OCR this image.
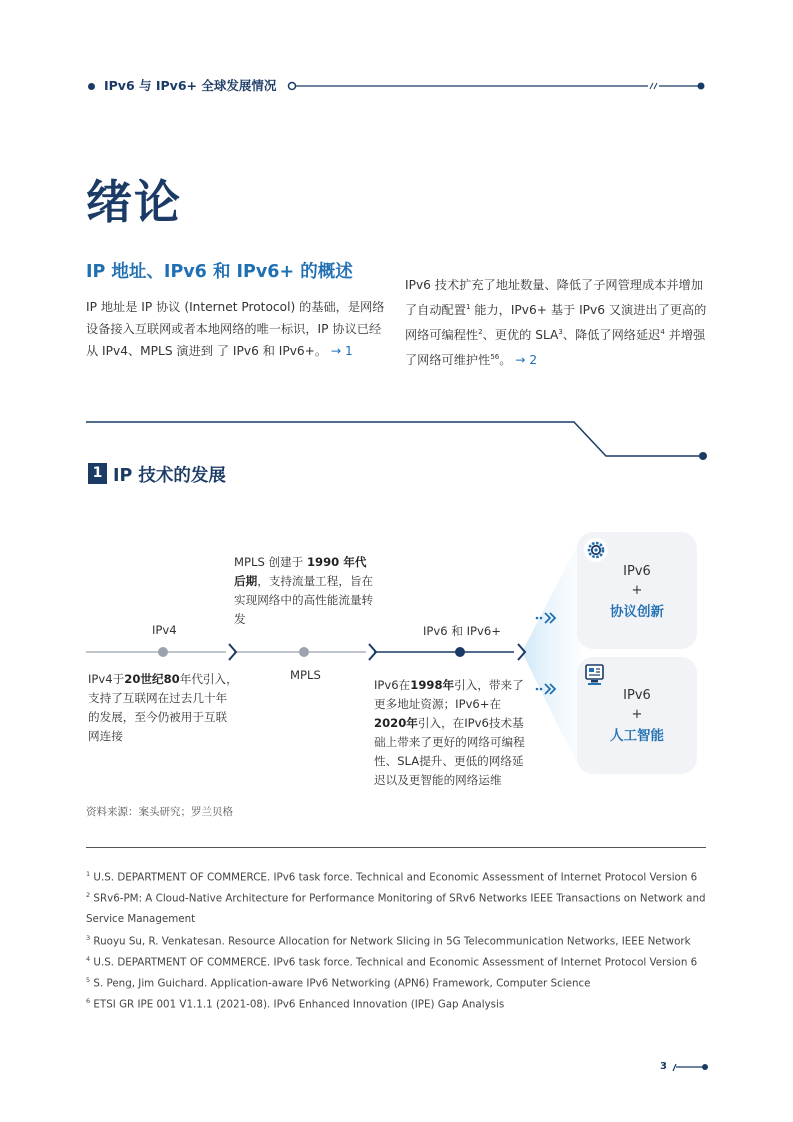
IPv6 与 IPv6+ 全球发展情况
绪论
IP 地址、IPv6 和 IPv6+ 的概述
IP 地址是 IP 协议 (Internet Protocol) 的基础，是网络设备接入互联网或者本地网络的唯一标识，IP 协议已经从 IPv4、MPLS 演进到 了 IPv6 和 IPv6+。 → 1
IPv6 技术扩充了地址数量、降低了子网管理成本并增加了自动配置$^1$ 能力，IPv6+ 基于 IPv6 又演进出了更高的网络可编程性$^2$、更优的 SLA$^3$、降低了网络延迟$^4$ 并增强了网络可维护性$^{56}$。 → 2
1 IP 技术的发展
IPv4
MPLS
IPv6 和 IPv6+
IPv4于20世纪80年代引入，支持了互联网在过去几十年的发展，至今仍被用于互联网连接
MPLS 创建于 1990 年代后期，支持流量工程，旨在实现网络中的高性能流量转发
IPv6在1998年引入，带来了更多地址资源；IPv6+在2020年引入，在IPv6技术基础上带来了更好的网络可编程性、SLA提升、更低的网络延迟以及更智能的网络运维
IPv6
+
协议创新
IPv6
+
人工智能
资料来源：案头研究；罗兰贝格
$^1$ U.S. DEPARTMENT OF COMMERCE. IPv6 task force. Technical and Economic Assessment of Internet Protocol Version 6
$^2$ SRv6-PM: A Cloud-Native Architecture for Performance Monitoring of SRv6 Networks IEEE Transactions on Network and Service Management
$^3$ Ruoyu Su, R. Venkatesan. Resource Allocation for Network Slicing in 5G Telecommunication Networks, IEEE Network
$^4$ U.S. DEPARTMENT OF COMMERCE. IPv6 task force. Technical and Economic Assessment of Internet Protocol Version 6
$^5$ S. Peng, Jim Guichard. Application-aware IPv6 Networking (APN6) Framework, Computer Science
$^6$ ETSI GR IPE 001 V1.1.1 (2021-08). IPv6 Enhanced Innovation (IPE) Gap Analysis
3
